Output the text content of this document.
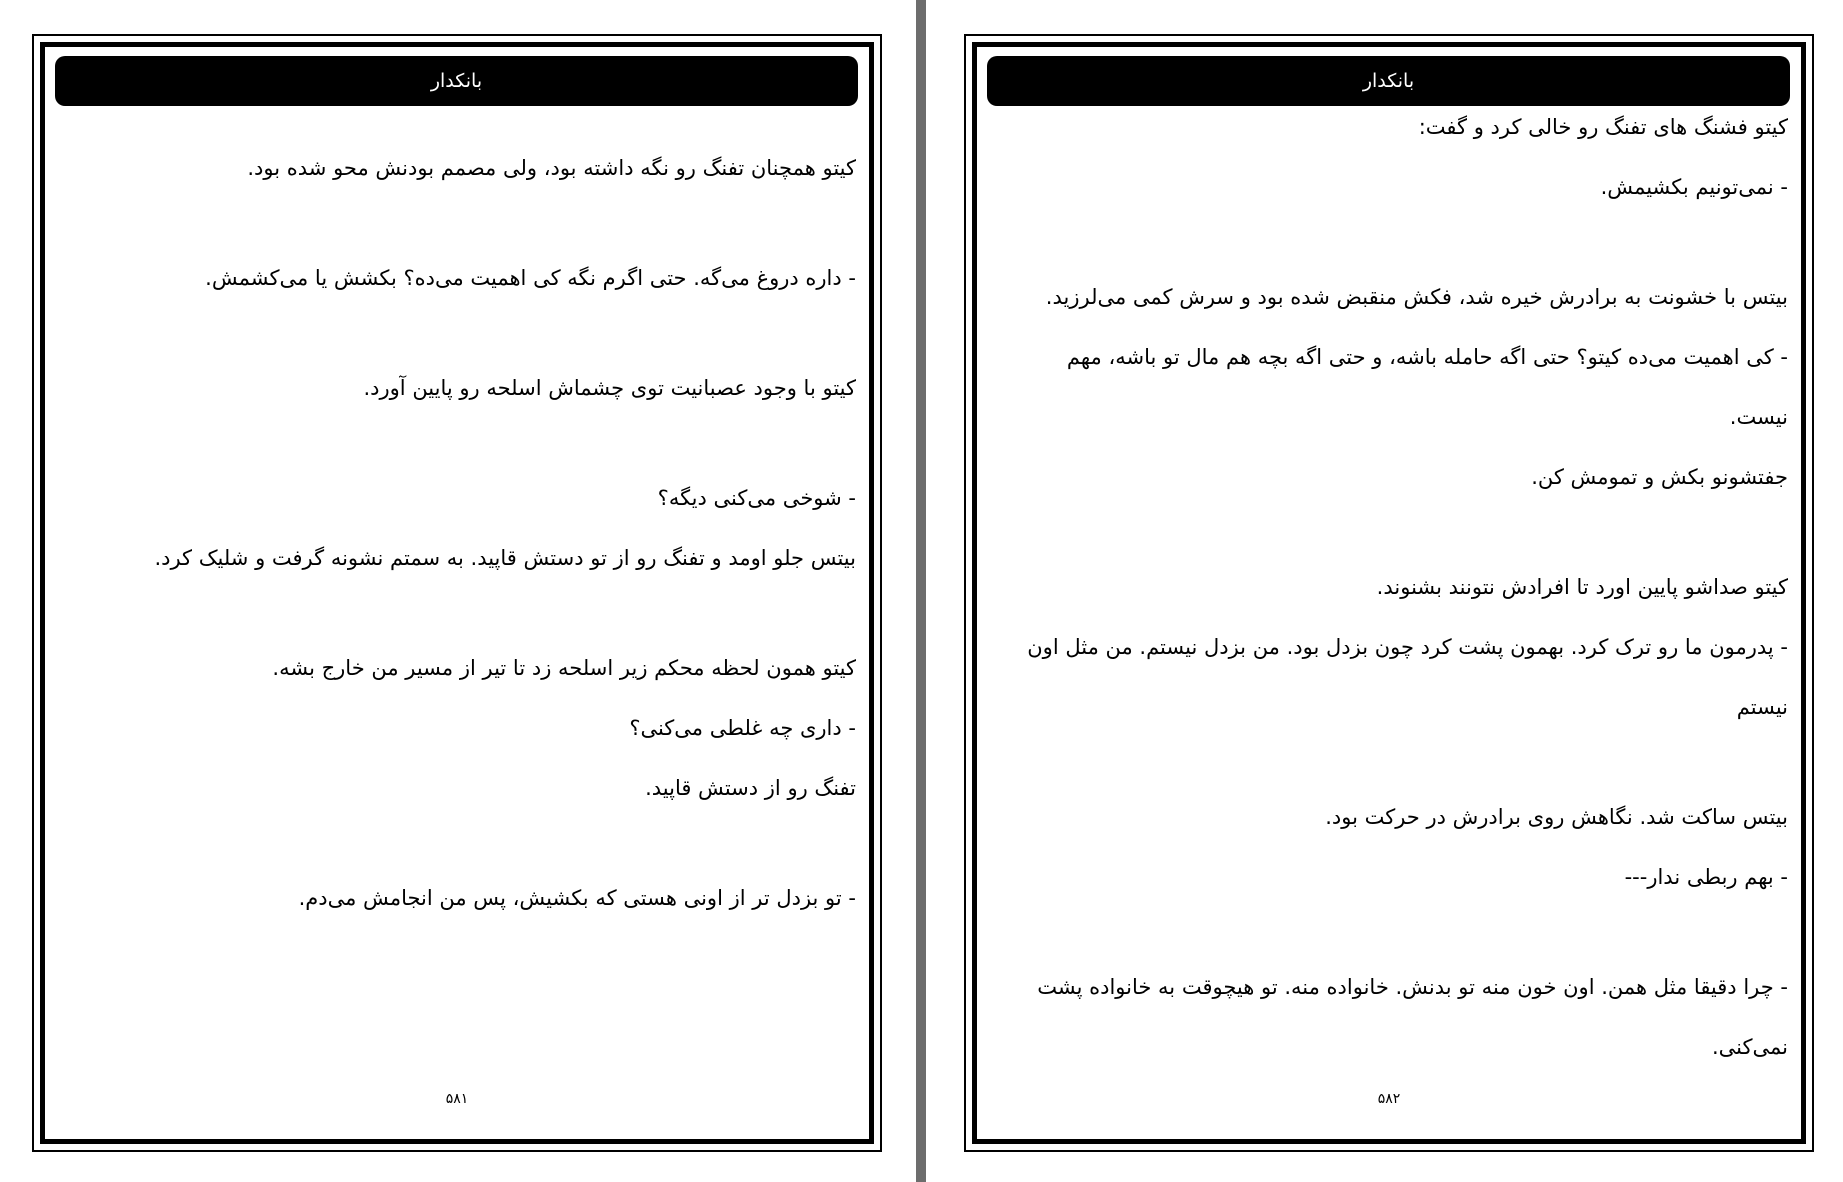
بانکدار
کیتو همچنان تفنگ رو نگه داشته بود، ولی مصمم بودنش محو شده بود.
- داره دروغ می‌گه. حتی اگرم نگه کی اهمیت می‌ده؟ بکشش یا می‌کشمش.
کیتو با وجود عصبانیت توی چشماش اسلحه رو پایین آورد.
- شوخی می‌کنی دیگه؟
بیتس جلو اومد و تفنگ رو از تو دستش قاپید. به سمتم نشونه گرفت و شلیک کرد.
کیتو همون لحظه محکم زیر اسلحه زد تا تیر از مسیر من خارج بشه.
- داری چه غلطی می‌کنی؟
تفنگ رو از دستش قاپید.
- تو بزدل تر از اونی هستی که بکشیش، پس من انجامش می‌دم.
۵۸۱
بانکدار
کیتو فشنگ های تفنگ رو خالی کرد و گفت:
- نمی‌تونیم بکشیمش.
بیتس با خشونت به برادرش خیره شد، فکش منقبض شده بود و سرش کمی می‌لرزید.
- کی اهمیت می‌ده کیتو؟ حتی اگه حامله باشه، و حتی اگه بچه هم مال تو باشه، مهم نیست.
جفتشونو بکش و تمومش کن.
کیتو صداشو پایین اورد تا افرادش نتونند بشنوند.
- پدرمون ما رو ترک کرد. بهمون پشت کرد چون بزدل بود. من بزدل نیستم. من مثل اون
نیستم
بیتس ساکت شد. نگاهش روی برادرش در حرکت بود.
- بهم ربطی ندار---
- چرا دقیقا مثل همن. اون خون منه تو بدنش. خانواده منه. تو هیچوقت به خانواده پشت
نمی‌کنی.
۵۸۲
